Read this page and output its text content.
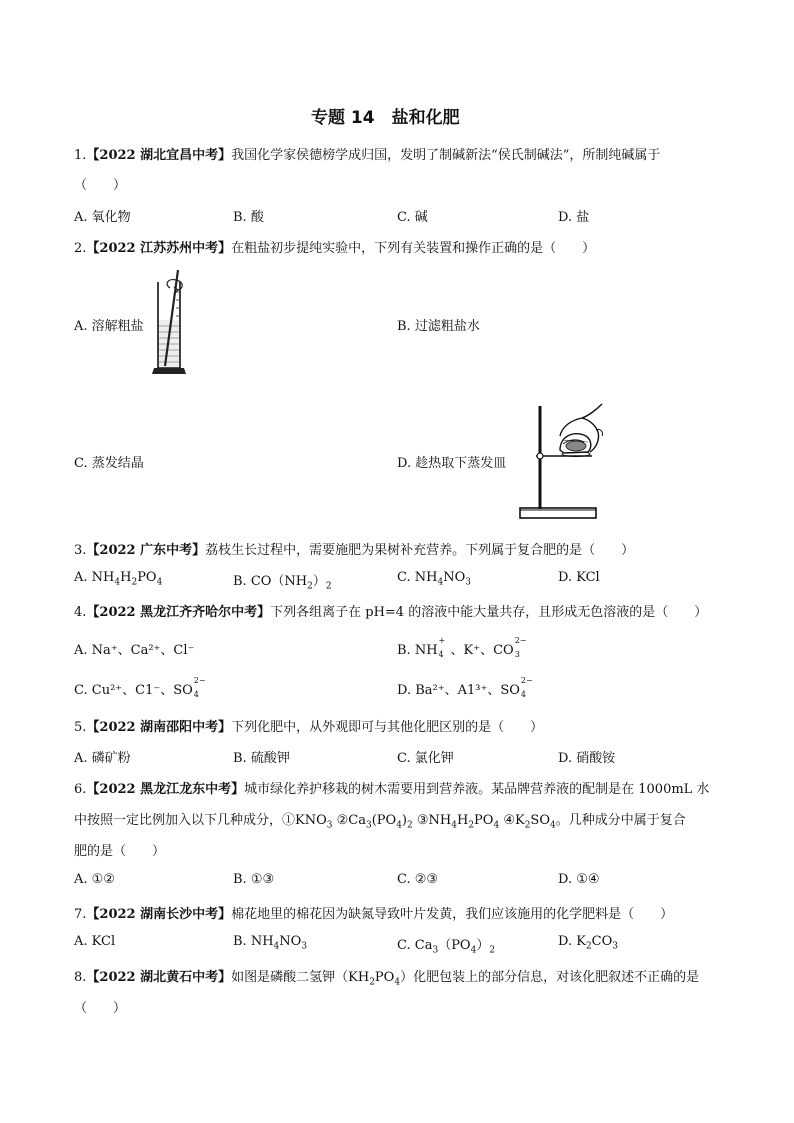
专题 14　盐和化肥
1.【2022 湖北宜昌中考】我国化学家侯德榜学成归国，发明了制碱新法“侯氏制碱法”，所制纯碱属于
（　　）
A. 氧化物	B. 酸	C. 碱	D. 盐
2.【2022 江苏苏州中考】在粗盐初步提纯实验中，下列有关装置和操作正确的是（　　）
A. 溶解粗盐	B. 过滤粗盐水
C. 蒸发结晶	D. 趁热取下蒸发皿
3.【2022 广东中考】荔枝生长过程中，需要施肥为果树补充营养。下列属于复合肥的是（　　）
A. $NH_4H_2PO_4$	B. $CO(NH_2)_2$
C. $NH_4NO_3$	D. KCl
4.【2022 黑龙江齐齐哈尔中考】下列各组离子在 pH=4 的溶液中能大量共存，且形成无色溶液的是（　　）
A. Na⁺、Ca²⁺、Cl⁻	B. NH
+
4
  、K⁺、CO
2−
3

C. Cu²⁺、C1⁻、SO
2−
4
 	D. Ba²⁺、A1³⁺、SO
2−
4

5.【2022 湖南邵阳中考】下列化肥中，从外观即可与其他化肥区别的是（　　）
A. 磷矿粉	B. 硫酸钾	C. 氯化钾	D. 硝酸铵
6.【2022 黑龙江龙东中考】城市绿化养护移栽的树木需要用到营养液。某品牌营养液的配制是在 1000mL 水
中按照一定比例加入以下几种成分，$①KNO_3$ $②Ca_3(PO_4)_2$ $③NH_4H_2PO_4$ $④K_2SO_4$。几种成分中属于复合
肥的是（　　）
A. ①②	B. ①③	C. ②③	D. ①④
7.【2022 湖南长沙中考】棉花地里的棉花因为缺氮导致叶片发黄，我们应该施用的化学肥料是（　　）
A. KCl	B. $NH_4NO_3$	C. $Ca_3(PO_4)_2$
D. $K_2CO_3$
8.【2022 湖北黄石中考】如图是磷酸二氢钾$(KH_2PO_4)$化肥包装上的部分信息，对该化肥叙述不正确的是
（　　）
